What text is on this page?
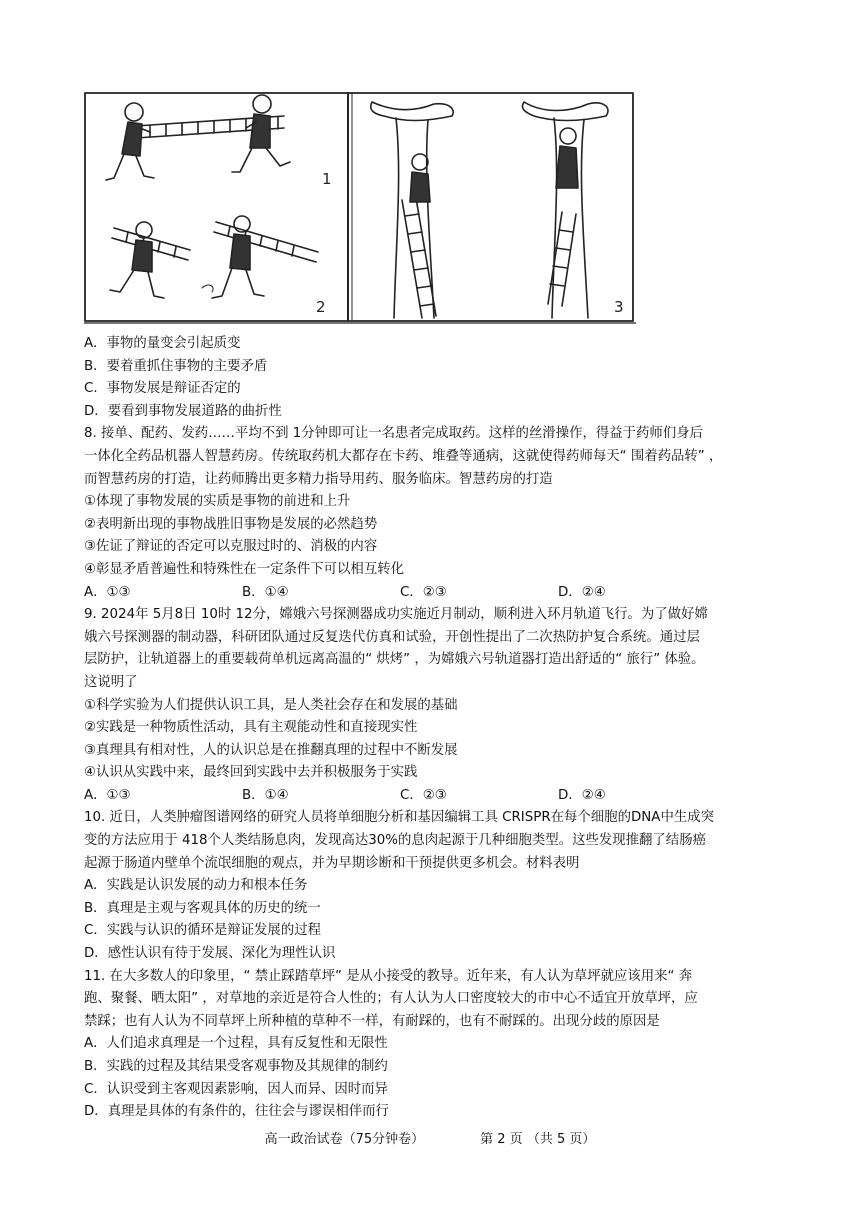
1
2	3
A．事物的量变会引起质变
B．要着重抓住事物的主要矛盾
C．事物发展是辩证否定的
D．要看到事物发展道路的曲折性
8. 接单、配药、发药……平均不到 1分钟即可让一名患者完成取药。这样的丝滑操作，得益于药师们身后
一体化全药品机器人智慧药房。传统取药机大都存在卡药、堆叠等通病，这就使得药师每天“ 围着药品转” ，
而智慧药房的打造，让药师腾出更多精力指导用药、服务临床。智慧药房的打造
①体现了事物发展的实质是事物的前进和上升
②表明新出现的事物战胜旧事物是发展的必然趋势
③佐证了辩证的否定可以克服过时的、消极的内容
④彰显矛盾普遍性和特殊性在一定条件下可以相互转化
A．①③	B．①④	C．②③	D．②④
9. 2024年 5月8日 10时 12分，嫦娥六号探测器成功实施近月制动，顺利进入环月轨道飞行。为了做好嫦
娥六号探测器的制动器，科研团队通过反复迭代仿真和试验，开创性提出了二次热防护复合系统。通过层
层防护，让轨道器上的重要载荷单机远离高温的“ 烘烤” ，为嫦娥六号轨道器打造出舒适的“ 旅行” 体验。
这说明了
①科学实验为人们提供认识工具，是人类社会存在和发展的基础
②实践是一种物质性活动，具有主观能动性和直接现实性
③真理具有相对性，人的认识总是在推翻真理的过程中不断发展
④认识从实践中来，最终回到实践中去并积极服务于实践
A．①③	B．①④	C．②③	D．②④
10. 近日，人类肿瘤图谱网络的研究人员将单细胞分析和基因编辑工具 CRISPR在每个细胞的DNA中生成突
变的方法应用于 418个人类结肠息肉，发现高达30%的息肉起源于几种细胞类型。这些发现推翻了结肠癌
起源于肠道内壁单个流氓细胞的观点，并为早期诊断和干预提供更多机会。材料表明
A．实践是认识发展的动力和根本任务
B．真理是主观与客观具体的历史的统一
C．实践与认识的循环是辩证发展的过程
D．感性认识有待于发展、深化为理性认识
11. 在大多数人的印象里，“ 禁止踩踏草坪” 是从小接受的教导。近年来，有人认为草坪就应该用来“ 奔
跑、聚餐、晒太阳” ，对草地的亲近是符合人性的；有人认为人口密度较大的市中心不适宜开放草坪，应
禁踩；也有人认为不同草坪上所种植的草种不一样，有耐踩的，也有不耐踩的。出现分歧的原因是
A．人们追求真理是一个过程，具有反复性和无限性
B．实践的过程及其结果受客观事物及其规律的制约
C．认识受到主客观因素影响，因人而异、因时而异
D．真理是具体的有条件的，往往会与谬误相伴而行
高一政治试卷（75分钟卷）	第 2 页 （共 5 页）
